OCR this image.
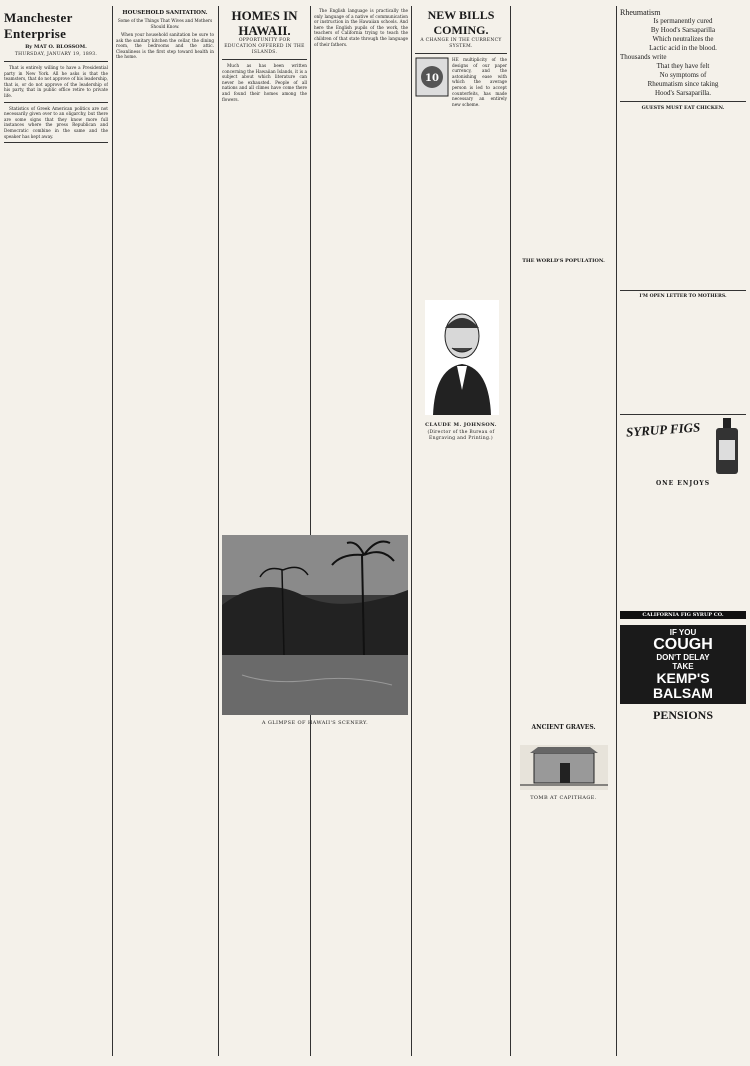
Manchester Enterprise
By MAT O. BLOSSOM.
THURSDAY, JANUARY 19, 1893.

That is entirely willing to have a Presidential party in New York. All he asks is that the teamsters, that do not approve of his leadership, that is, or do not approve of the leadership of his party, that in public office retire to private life.

Statistics of Greek American politics are not necessarily given over to an oligarchy, but there are some signs that they know more full instances where the press Republican and Democratic combine in the same and the speaker has kept away.

HOUSEHOLD SANITATION.
Some of the Things That Wives and Mothers Should Know.

When your household sanitation be sure to ask the sanitary kitchen the cellar, the dining room, the bedrooms and the attic. Cleanliness is the first step toward health in the home.

HOMES IN HAWAII.
OPPORTUNITY FOR EDUCATION OFFERED IN THE ISLANDS.

Much as has been written concerning the Hawaiian Islands, it is a subject about which literature can never be exhausted. People of all nations and all climes have come there and found their homes among the flowers.

A GLIMPSE OF HAWAII'S SCENERY.

The English language is practically the only language of a native of communication or instruction in the Hawaiian schools. And here the English pupils of the work, the teachers of California trying to teach the children of that state through the language of their fathers.

NEW BILLS COMING.
A CHANGE IN THE CURRENCY SYSTEM.
10

HE multiplicity of the designs of our paper currency, and the astonishing ease with which the average person is led to accept counterfeits, has made necessary an entirely new scheme.

CLAUDE M. JOHNSON.
(Director of the Bureau of Engraving and Printing.)
THE WORLD'S POPULATION.
ANCIENT GRAVES.
TOMB AT CAPITHAGE.
Rheumatism
Is permanently cured
By Hood's Sarsaparilla
Which neutralizes the
Lactic acid in the blood.
Thousands write
That they have felt
No symptoms of
Rheumatism since taking
Hood's Sarsaparilla.
GUESTS MUST EAT CHICKEN.
I'M OPEN LETTER TO MOTHERS.
SYRUP FIGS
ONE ENJOYS
CALIFORNIA FIG SYRUP CO.
IF YOU
COUGH
DON'T DELAY
TAKE
KEMP'S
BALSAM
PENSIONS
